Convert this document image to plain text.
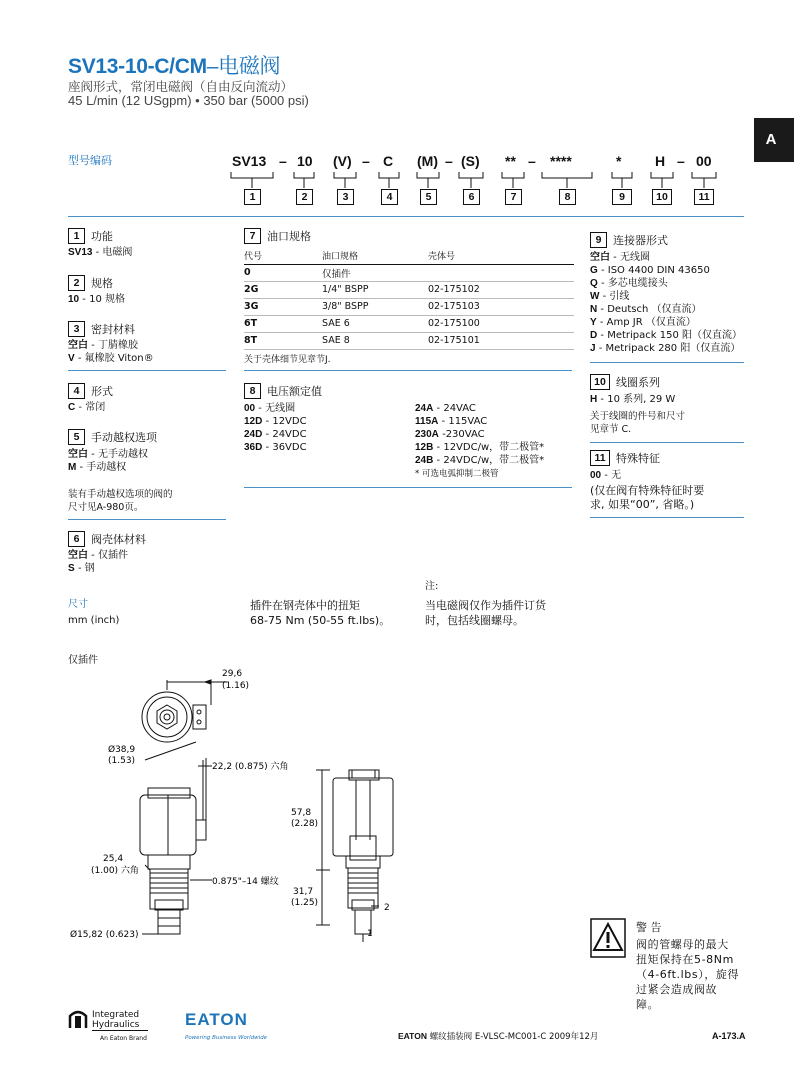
SV13-10-C/CM–电磁阀
座阀形式，常闭电磁阀（自由反向流动）
45 L/min (12 USgpm) • 350 bar (5000 psi)
A
型号编码	SV13 – 10 (V) – C (M) – (S) ** – ****	* H – 00
1	2	3	4	5	6	7	8	9	10	11
1	功能
SV13 - 电磁阀
2	规格
10 - 10 规格
3	密封材料
空白 - 丁腈橡胶
V - 氟橡胶 Viton®
4	形式
C - 常闭
5	手动越权选项
空白 - 无手动越权
M - 手动越权
装有手动越权选项的阀的
尺寸见A-980页。
6	阀壳体材料
空白 - 仅插件
S - 钢
7	油口规格
代号	油口规格	壳体号
0	仅插件	
2G	1/4" BSPP	02-175102
3G	3/8" BSPP	02-175103
6T	SAE 6	02-175100
8T	SAE 8	02-175101
关于壳体细节见章节J.
8	电压额定值
00 - 无线圈
12D - 12VDC
24D - 24VDC
36D - 36VDC
24A - 24VAC
115A - 115VAC
230A -230VAC
12B - 12VDC/w，带二极管*
24B - 24VDC/w，带二极管*
* 可选电弧抑制二极管
9	连接器形式
空白 - 无线圈
G - ISO 4400 DIN 43650
Q - 多芯电缆接头
W - 引线
N - Deutsch （仅直流）
Y - Amp JR （仅直流）
D - Metripack 150 阳（仅直流）
J - Metripack 280 阳（仅直流）
10 线圈系列
H - 10 系列, 29 W
关于线圈的件号和尺寸
见章节 C.
11 特殊特征
00 - 无
(仅在阀有特殊特征时要
求, 如果“00”, 省略。)
尺寸
mm (inch)
插件在钢壳体中的扭矩
68-75 Nm (50-55 ft.lbs)。
注:
当电磁阀仅作为插件订货
时，包括线圈螺母。
仅插件
29,6
(1.16)
Ø38,9
(1.53)
22,2 (0.875) 六角
25,4
(1.00) 六角
0.875"–14 螺纹
Ø15,82 (0.623)
57,8
(2.28)
31,7
(1.25)
1
2
警 告
阀的管螺母的最大
扭矩保持在5-8Nm
（4-6ft.lbs），旋得
过紧会造成阀故
障。
Integrated
Hydraulics
An Eaton Brand
EATON
Powering Business Worldwide	EATON 螺纹插装阀 E-VLSC-MC001-C 2009年12月	A-173.A
